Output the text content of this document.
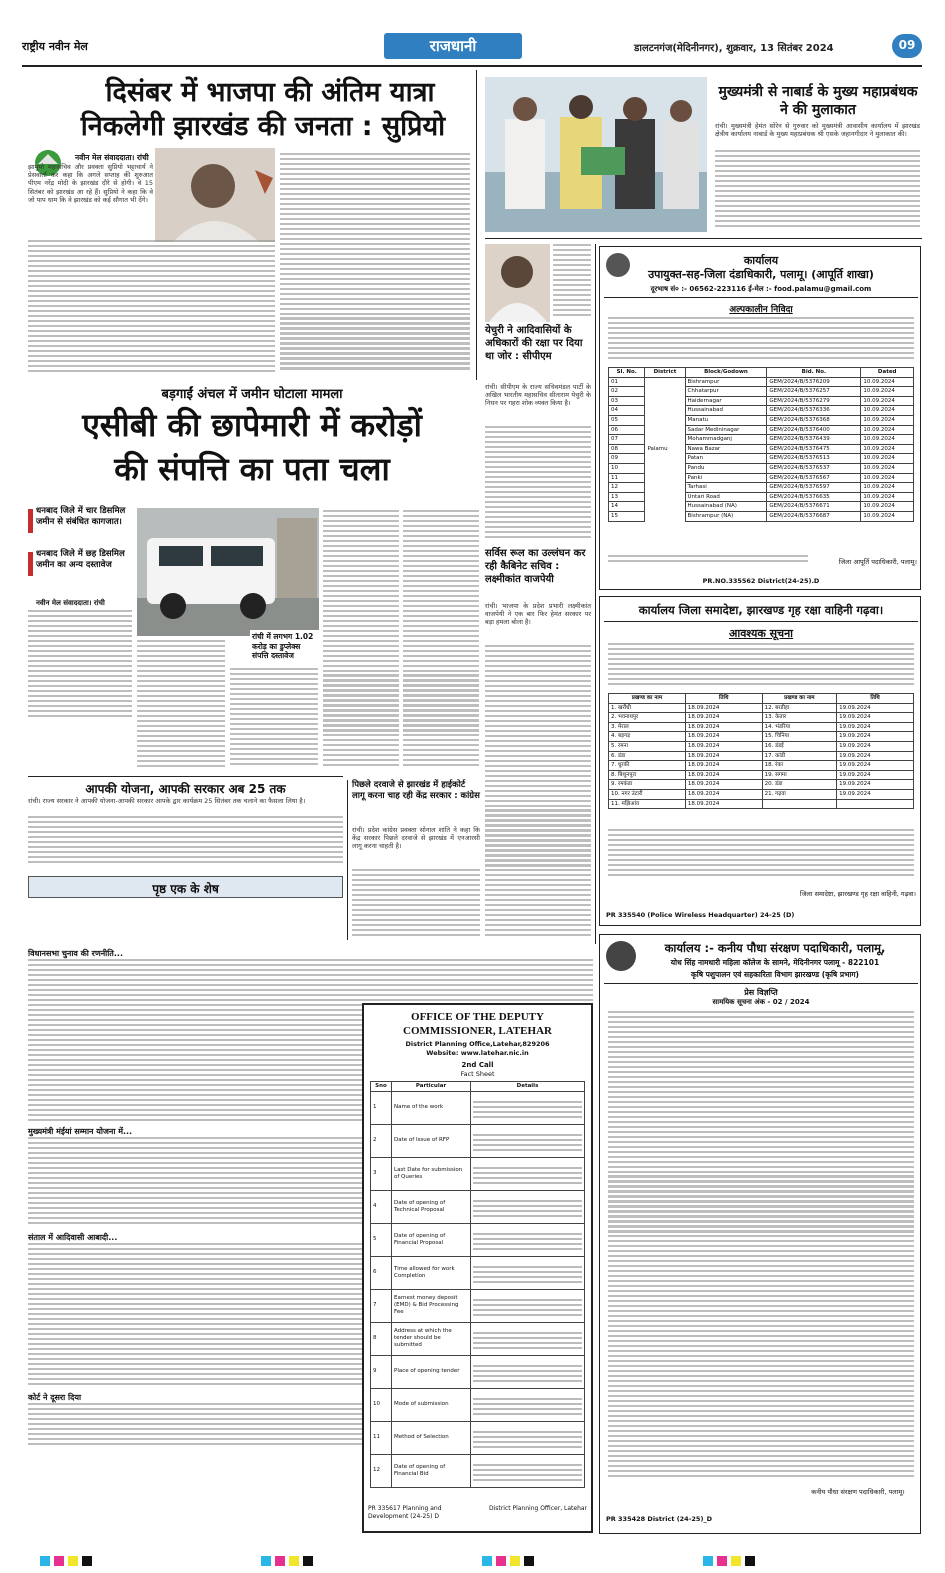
राष्ट्रीय नवीन मेल	राजधानी	डालटनगंज(मेदिनीनगर), शुक्रवार, 13 सितंबर 2024	09
दिसंबर में भाजपा की अंतिम यात्रा
निकलेगी झारखंड की जनता : सुप्रियो
नवीन मेल संवाददाता। रांची
झामुमो महासचिव और प्रवक्ता सुप्रियो भट्टाचार्य ने प्रेसवार्ता कर कहा कि अगले सप्ताह की शुरुआत पीएम नरेंद्र मोदी के झारखंड दौरे से होगी। वे 15 सितंबर को झारखंड आ रहे हैं। सुप्रियो ने कहा कि वे जो पाप धाम कि वे झारखंड को कई सौगात भी देंगे।
मुख्यमंत्री से नाबार्ड के मुख्य महाप्रबंधक ने की मुलाकात
रांची। मुख्यमंत्री हेमंत सोरेन से गुरुवार को मुख्यमंत्री आवासीय कार्यालय में झारखंड क्षेत्रीय कार्यालय नाबार्ड के मुख्य महाप्रबंधक श्री एसके जहानगीदार ने मुलाकात की।
येचुरी ने आदिवासियों के अधिकारों की रक्षा पर दिया था जोर : सीपीएम
रांची। सीपीएम के राज्य सचिवमंडल पार्टी के अखिल भारतीय महासचिव सीताराम येचुरी के निधन पर गहरा शोक व्यक्त किया है।
सर्विस रूल का उल्लंघन कर रही कैबिनेट सचिव : लक्ष्मीकांत वाजपेयी
रांची। भाजपा के प्रदेश प्रभारी लक्ष्मीकांत वाजपेयी ने एक बार फिर हेमंत सरकार पर बड़ा हमला बोला है।
कार्यालय
उपायुक्त-सह-जिला दंडाधिकारी, पलामू। (आपूर्ति शाखा)
दूरभाष सं० :- 06562-223116 ई-मेल :- food.palamu@gmail.com
अल्पकालीन निविदा
Sl. No.	District	Block/Godown	Bid. No.	Dated
01		Bishrampur	GEM/2024/B/5376209	10.09.2024
02		Chhatarpur	GEM/2024/B/5376257	10.09.2024
03		Haidernagar	GEM/2024/B/5376279	10.09.2024
04		Hussainabad	GEM/2024/B/5376336	10.09.2024
05		Manatu	GEM/2024/B/5376368	10.09.2024
06		Sadar Medininagar	GEM/2024/B/5376400	10.09.2024
07		Mohammadganj	GEM/2024/B/5376439	10.09.2024
08	Palamu	Nawa Bazar	GEM/2024/B/5376475	10.09.2024
09		Patan	GEM/2024/B/5376513	10.09.2024
10		Pandu	GEM/2024/B/5376537	10.09.2024
11		Panki	GEM/2024/B/5376567	10.09.2024
12		Tarhasi	GEM/2024/B/5376597	10.09.2024
13		Untari Road	GEM/2024/B/5376635	10.09.2024
14		Hussainabad (NA)	GEM/2024/B/5376671	10.09.2024
15		Bishrampur (NA)	GEM/2024/B/5376687	10.09.2024
जिला आपूर्ति पदाधिकारी, पलामू।
PR.NO.335562 District(24-25).D
कार्यालय जिला समादेष्टा, झारखण्ड गृह रक्षा वाहिनी गढ़वा।
आवश्यक सूचना
प्रखण्ड का नाम	तिथि	प्रखण्ड का नाम	तिथि
1. खरौंधी	18.09.2024	12. बरडीहा	19.09.2024
2. भवनाथपुर	18.09.2024	13. केतार	19.09.2024
3. मेराल	18.09.2024	14. भंडरिया	19.09.2024
4. बड़गड़	18.09.2024	15. चिनिया	19.09.2024
5. रमना	18.09.2024	16. डंडई	19.09.2024
6. डंडा	18.09.2024	17. कांडी	19.09.2024
7. धुरकी	18.09.2024	18. रंका	19.09.2024
8. बिशुनपुरा	18.09.2024	19. सगमा	19.09.2024
9. रमकंडा	18.09.2024	20. डंडा	19.09.2024
10. नगर उंटारी	18.09.2024	21. गढ़वा	19.09.2024
11. मझिआंव	18.09.2024		
जिला समादेष्टा, झारखण्ड गृह रक्षा वाहिनी, गढ़वा।
PR 335540 (Police Wireless Headquarter) 24-25 (D)
बड़गाईं अंचल में जमीन घोटाला मामला
एसीबी की छापेमारी में करोड़ों
की संपत्ति का पता चला
धनबाद जिले में चार डिसमिल जमीन से संबंधित कागजात।
धनबाद जिले में छह डिसमिल जमीन का अन्य दस्तावेज
नवीन मेल संवाददाता। रांची
रांची में लगभग 1.02 करोड़ का डुप्लेक्स संपत्ति दस्तावेज
आपकी योजना, आपकी सरकार अब 25 तक
रांची। राज्य सरकार ने आपकी योजना-आपकी सरकार आपके द्वार कार्यक्रम 25 सितंबर तक चलाने का फैसला लिया है।
पिछले दरवाजे से झारखंड में हाईकोर्ट लागू करना चाह रही केंद्र सरकार : कांग्रेस
रांची। प्रदेश कांग्रेस प्रवक्ता सोनाल शांति ने कहा कि केंद्र सरकार पिछले दरवाजे से झारखंड में एनआरसी लागू करना चाहती है।
पृष्ठ एक के शेष
विधानसभा चुनाव की रणनीति...
मुख्यमंत्री मंईयां सम्मान योजना में...
संताल में आदिवासी आबादी...
कोर्ट ने दूसरा दिया
OFFICE OF THE DEPUTY
COMMISSIONER, LATEHAR
District Planning Office,Latehar,829206
Website: www.latehar.nic.in
2nd Call
Fact Sheet
Sno	Particular	Details
1	Name of the work	

2	Date of Issue of RFP	

3	Last Date for submission of Queries	

4	Date of opening of Technical Proposal	

5	Date of opening of Financial Proposal	

6	Time allowed for work Completion	

7	Earnest money deposit (EMD) & Bid Processing Fee	

8	Address at which the tender should be submitted	

9	Place of opening tender	

10	Mode of submission	

11	Method of Selection	

12	Date of opening of Financial Bid	
PR 335617 Planning and Development (24-25) D
District Planning Officer, Latehar
कार्यालय :- कनीय पौधा संरक्षण पदाधिकारी, पलामू,
योध सिंह नामधारी महिला कॉलेज के सामने, मेदिनीनगर पलामू - 822101
कृषि पशुपालन एवं सहकारिता विभाग झारखण्ड (कृषि प्रभाग)
प्रेस विज्ञप्ति
सामयिक सूचना अंक - 02 / 2024
कनीय पौधा संरक्षण पदाधिकारी, पलामू।
PR 335428 District (24-25)_D
